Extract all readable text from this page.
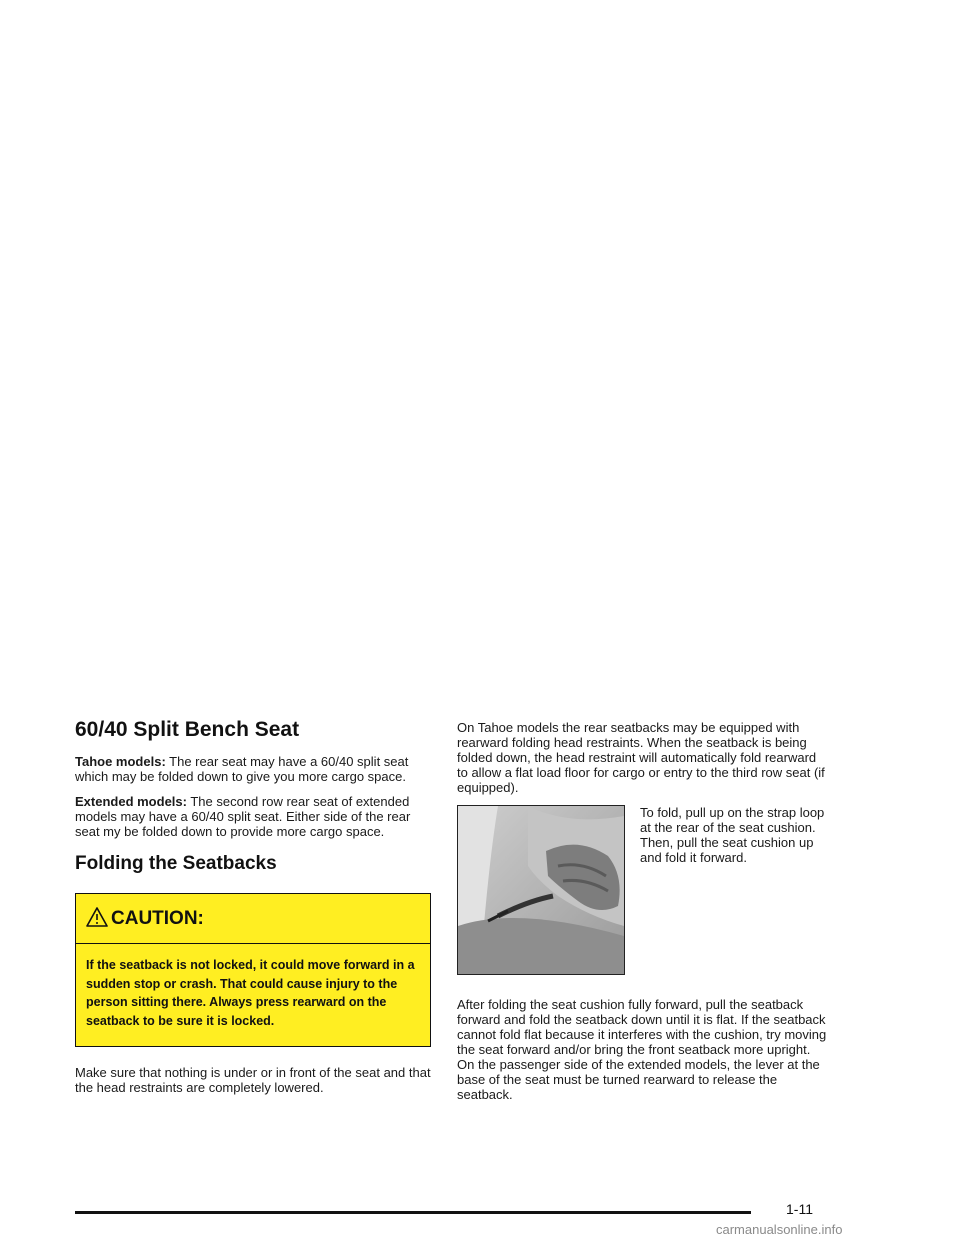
60/40 Split Bench Seat

Tahoe models: The rear seat may have a 60/40 split seat which may be folded down to give you more cargo space.

Extended models: The second row rear seat of extended models may have a 60/40 split seat. Either side of the rear seat my be folded down to provide more cargo space.

Folding the Seatbacks
CAUTION:
If the seatback is not locked, it could move forward in a sudden stop or crash. That could cause injury to the person sitting there. Always press rearward on the seatback to be sure it is locked.

Make sure that nothing is under or in front of the seat and that the head restraints are completely lowered.

On Tahoe models the rear seatbacks may be equipped with rearward folding head restraints. When the seatback is being folded down, the head restraint will automatically fold rearward to allow a flat load floor for cargo or entry to the third row seat (if equipped).

To fold, pull up on the strap loop at the rear of the seat cushion.

Then, pull the seat cushion up and fold it forward.

After folding the seat cushion fully forward, pull the seatback forward and fold the seatback down until it is flat. If the seatback cannot fold flat because it interferes with the cushion, try moving the seat forward and/or bring the front seatback more upright. On the passenger side of the extended models, the lever at the base of the seat must be turned rearward to release the seatback.

1-11
carmanualsonline.info
